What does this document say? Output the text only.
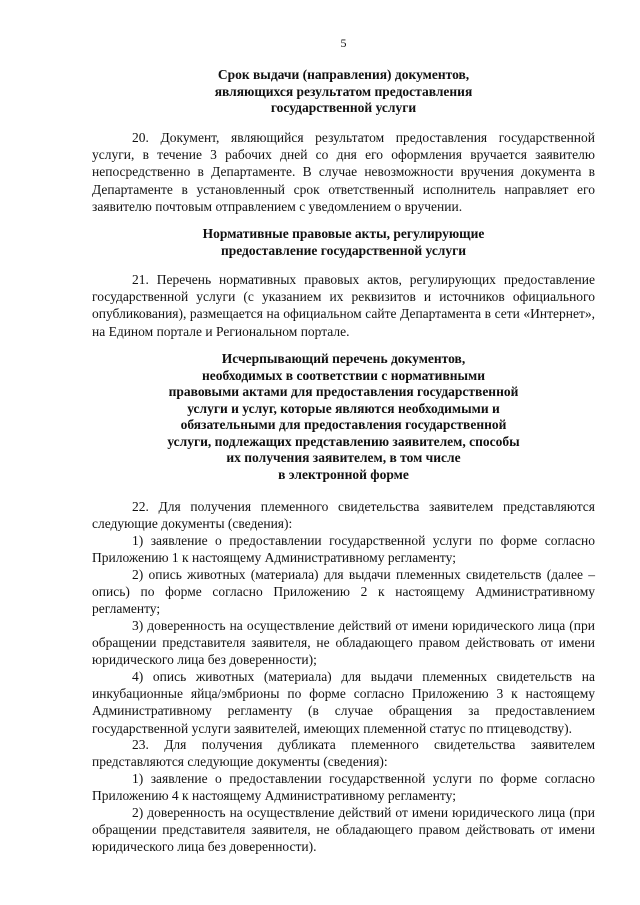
5
Срок выдачи (направления) документов,
являющихся результатом предоставления
государственной услуги

20. Документ, являющийся результатом предоставления государственной услуги, в течение 3 рабочих дней со дня его оформления вручается заявителю непосредственно в Департаменте. В случае невозможности вручения документа в Департаменте в установленный срок ответственный исполнитель направляет его заявителю почтовым отправлением с уведомлением о вручении.

Нормативные правовые акты, регулирующие
предоставление государственной услуги

21. Перечень нормативных правовых актов, регулирующих предоставление государственной услуги (с указанием их реквизитов и источников официального опубликования), размещается на официальном сайте Департамента в сети «Интернет», на Едином портале и Региональном портале.

Исчерпывающий перечень документов,
необходимых в соответствии с нормативными
правовыми актами для предоставления государственной
услуги и услуг, которые являются необходимыми и
обязательными для предоставления государственной
услуги, подлежащих представлению заявителем, способы
их получения заявителем, в том числе
в электронной форме

22. Для получения племенного свидетельства заявителем представляются следующие документы (сведения):

1) заявление о предоставлении государственной услуги по форме согласно Приложению 1 к настоящему Административному регламенту;

2) опись животных (материала) для выдачи племенных свидетельств (далее – опись) по форме согласно Приложению 2 к настоящему Административному регламенту;

3) доверенность на осуществление действий от имени юридического лица (при обращении представителя заявителя, не обладающего правом действовать от имени юридического лица без доверенности);

4) опись животных (материала) для выдачи племенных свидетельств на инкубационные яйца/эмбрионы по форме согласно Приложению 3 к настоящему Административному регламенту (в случае обращения за предоставлением государственной услуги заявителей, имеющих племенной статус по птицеводству).

23. Для получения дубликата племенного свидетельства заявителем представляются следующие документы (сведения):

1) заявление о предоставлении государственной услуги по форме согласно Приложению 4 к настоящему Административному регламенту;

2) доверенность на осуществление действий от имени юридического лица (при обращении представителя заявителя, не обладающего правом действовать от имени юридического лица без доверенности).
